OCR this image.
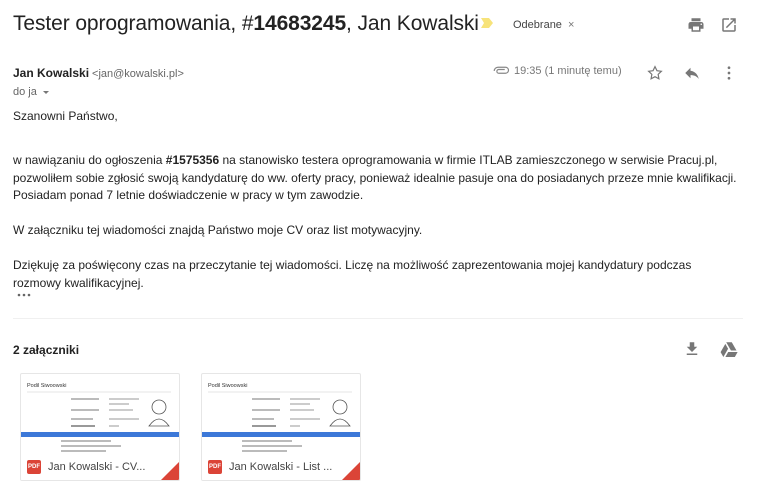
Tester oprogramowania, #14683245, Jan Kowalski	Odebrane ×
Jan Kowalski <jan@kowalski.pl>
do ja
19:35 (1 minutę temu)

Szanowni Państwo,

w nawiązaniu do ogłoszenia #1575356 na stanowisko testera oprogramowania w firmie ITLAB zamieszczonego w serwisie Pracuj.pl,
pozwoliłem sobie zgłosić swoją kandydaturę do ww. oferty pracy, ponieważ idealnie pasuje ona do posiadanych przeze mnie kwalifikacji.
Posiadam ponad 7 letnie doświadczenie w pracy w tym zawodzie.

W załączniku tej wiadomości znajdą Państwo moje CV oraz list motywacyjny.

Dziękuję za poświęcony czas na przeczytanie tej wiadomości. Liczę na możliwość zaprezentowania mojej kandydatury podczas
rozmowy kwalifikacyjnej.

2 załączniki
Podil Siwoowski
PDF Jan Kowalski - CV...
Podil Siwoowski
PDF Jan Kowalski - List ...
